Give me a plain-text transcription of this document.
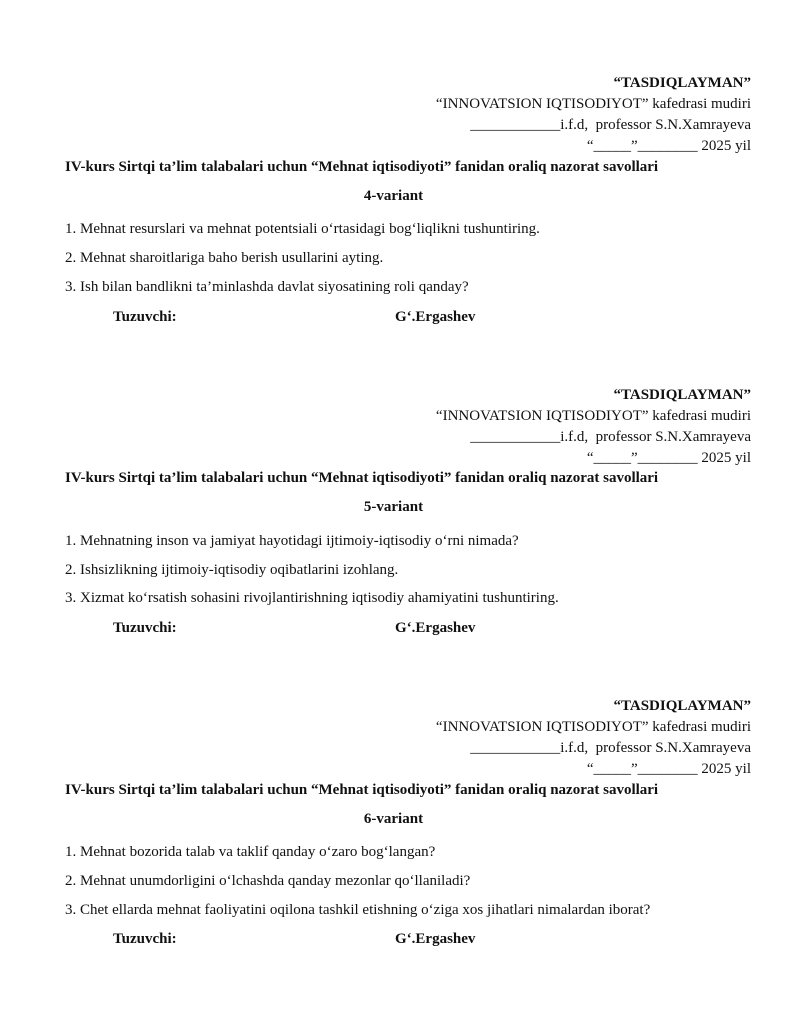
“TASDIQLAYMAN”
“INNOVATSION IQTISODIYOT” kafedrasi mudiri
____________i.f.d,  professor S.N.Xamrayeva
“_____”________ 2025 yil
IV-kurs Sirtqi ta’lim talabalari uchun “Mehnat iqtisodiyoti” fanidan oraliq nazorat savollari
4-variant
1. Mehnat resurslari va mehnat potentsiali o‘rtasidagi bog‘liqlikni tushuntiring.
2. Mehnat sharoitlariga baho berish usullarini ayting.
3. Ish bilan bandlikni ta’minlashda davlat siyosatining roli qanday?
Tuzuvchi:	G‘.Ergashev
“TASDIQLAYMAN”
“INNOVATSION IQTISODIYOT” kafedrasi mudiri
____________i.f.d,  professor S.N.Xamrayeva
“_____”________ 2025 yil
IV-kurs Sirtqi ta’lim talabalari uchun “Mehnat iqtisodiyoti” fanidan oraliq nazorat savollari
5-variant
1. Mehnatning inson va jamiyat hayotidagi ijtimoiy-iqtisodiy o‘rni nimada?
2. Ishsizlikning ijtimoiy-iqtisodiy oqibatlarini izohlang.
3. Xizmat ko‘rsatish sohasini rivojlantirishning iqtisodiy ahamiyatini tushuntiring.
Tuzuvchi:	G‘.Ergashev
“TASDIQLAYMAN”
“INNOVATSION IQTISODIYOT” kafedrasi mudiri
____________i.f.d,  professor S.N.Xamrayeva
“_____”________ 2025 yil
IV-kurs Sirtqi ta’lim talabalari uchun “Mehnat iqtisodiyoti” fanidan oraliq nazorat savollari
6-variant
1. Mehnat bozorida talab va taklif qanday o‘zaro bog‘langan?
2. Mehnat unumdorligini o‘lchashda qanday mezonlar qo‘llaniladi?
3. Chet ellarda mehnat faoliyatini oqilona tashkil etishning o‘ziga xos jihatlari nimalardan iborat?
Tuzuvchi:	G‘.Ergashev
